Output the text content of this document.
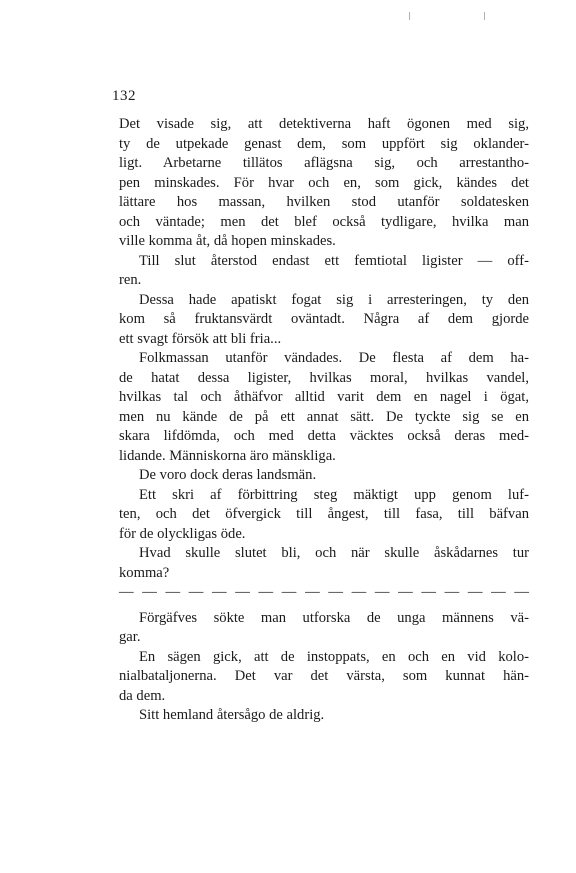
132
Det visade sig, att detektiverna haft ögonen med sig,
ty de utpekade genast dem, som uppfört sig oklander-
ligt. Arbetarne tillätos aflägsna sig, och arrestantho-
pen minskades. För hvar och en, som gick, kändes det
lättare hos massan, hvilken stod utanför soldatesken
och väntade; men det blef också tydligare, hvilka man
ville komma åt, då hopen minskades.
Till slut återstod endast ett femtiotal ligister — off-
ren.
Dessa hade apatiskt fogat sig i arresteringen, ty den
kom så fruktansvärdt oväntadt. Några af dem gjorde
ett svagt försök att bli fria...
Folkmassan utanför vändades. De flesta af dem ha-
de hatat dessa ligister, hvilkas moral, hvilkas vandel,
hvilkas tal och åthäfvor alltid varit dem en nagel i ögat,
men nu kände de på ett annat sätt. De tyckte sig se en
skara lifdömda, och med detta väcktes också deras med-
lidande. Människorna äro mänskliga.
De voro dock deras landsmän.
Ett skri af förbittring steg mäktigt upp genom luf-
ten, och det öfvergick till ångest, till fasa, till bäfvan
för de olyckligas öde.
Hvad skulle slutet bli, och när skulle åskådarnes tur
komma?
— — — — — — — — — — — — — — — — — —
Förgäfves sökte man utforska de unga männens vä-
gar.
En sägen gick, att de instoppats, en och en vid kolo-
nialbataljonerna. Det var det värsta, som kunnat hän-
da dem.
Sitt hemland återsågo de aldrig.
